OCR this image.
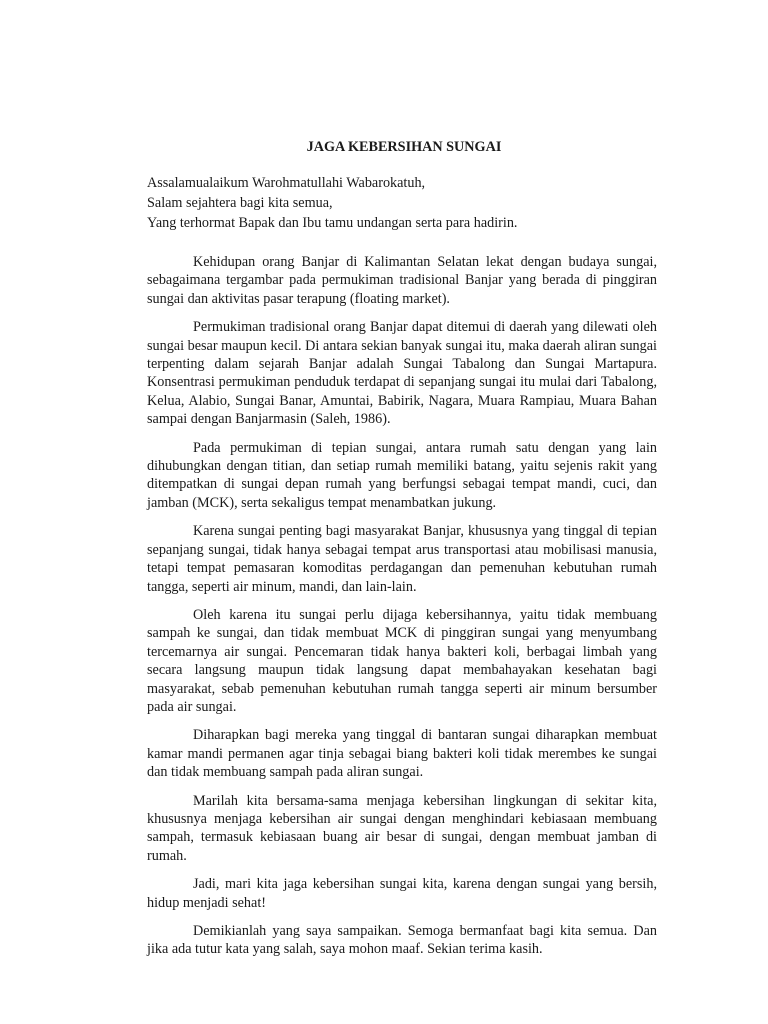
JAGA KEBERSIHAN SUNGAI
Assalamualaikum Warohmatullahi Wabarokatuh,
Salam sejahtera bagi kita semua,
Yang terhormat Bapak dan Ibu tamu undangan serta para hadirin.

Kehidupan orang Banjar di Kalimantan Selatan lekat dengan budaya sungai, sebagaimana tergambar pada permukiman tradisional Banjar yang berada di pinggiran sungai dan aktivitas pasar terapung (floating market).

Permukiman tradisional orang Banjar dapat ditemui di daerah yang dilewati oleh sungai besar maupun kecil. Di antara sekian banyak sungai itu, maka daerah aliran sungai terpenting dalam sejarah Banjar adalah Sungai Tabalong dan Sungai Martapura. Konsentrasi permukiman penduduk terdapat di sepanjang sungai itu mulai dari Tabalong, Kelua, Alabio, Sungai Banar, Amuntai, Babirik, Nagara, Muara Rampiau, Muara Bahan sampai dengan Banjarmasin (Saleh, 1986).

Pada permukiman di tepian sungai, antara rumah satu dengan yang lain dihubungkan dengan titian, dan setiap rumah memiliki batang, yaitu sejenis rakit yang ditempatkan di sungai depan rumah yang berfungsi sebagai tempat mandi, cuci, dan jamban (MCK), serta sekaligus tempat menambatkan jukung.

Karena sungai penting bagi masyarakat Banjar, khususnya yang tinggal di tepian sepanjang sungai, tidak hanya sebagai tempat arus transportasi atau mobilisasi manusia, tetapi tempat pemasaran komoditas perdagangan dan pemenuhan kebutuhan rumah tangga, seperti air minum, mandi, dan lain-lain.

Oleh karena itu sungai perlu dijaga kebersihannya, yaitu tidak membuang sampah ke sungai, dan tidak membuat MCK di pinggiran sungai yang menyumbang tercemarnya air sungai. Pencemaran tidak hanya bakteri koli, berbagai limbah yang secara langsung maupun tidak langsung dapat membahayakan kesehatan bagi masyarakat, sebab pemenuhan kebutuhan rumah tangga seperti air minum bersumber pada air sungai.

Diharapkan bagi mereka yang tinggal di bantaran sungai diharapkan membuat kamar mandi permanen agar tinja sebagai biang bakteri koli tidak merembes ke sungai dan tidak membuang sampah pada aliran sungai.

Marilah kita bersama-sama menjaga kebersihan lingkungan di sekitar kita, khususnya menjaga kebersihan air sungai dengan menghindari kebiasaan membuang sampah, termasuk kebiasaan buang air besar di sungai, dengan membuat jamban di rumah.

Jadi, mari kita jaga kebersihan sungai kita, karena dengan sungai yang bersih, hidup menjadi sehat!

Demikianlah yang saya sampaikan. Semoga bermanfaat bagi kita semua. Dan jika ada tutur kata yang salah, saya mohon maaf. Sekian terima kasih.
